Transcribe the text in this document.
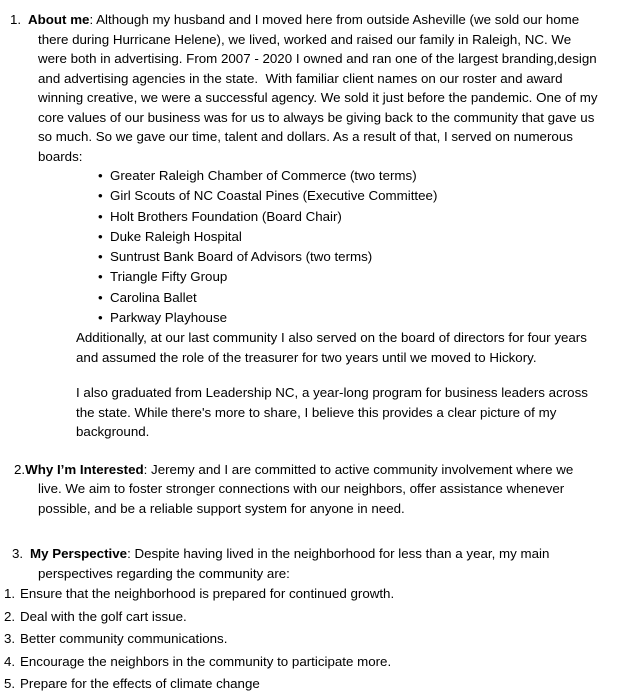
1. About me: Although my husband and I moved here from outside Asheville (we sold our home there during Hurricane Helene), we lived, worked and raised our family in Raleigh, NC. We were both in advertising. From 2007 - 2020 I owned and ran one of the largest branding,design and advertising agencies in the state.  With familiar client names on our roster and award winning creative, we were a successful agency. We sold it just before the pandemic. One of my core values of our business was for us to always be giving back to the community that gave us so much. So we gave our time, talent and dollars. As a result of that, I served on numerous boards:

• Greater Raleigh Chamber of Commerce (two terms)

• Girl Scouts of NC Coastal Pines (Executive Committee)

• Holt Brothers Foundation (Board Chair)

• Duke Raleigh Hospital

• Suntrust Bank Board of Advisors (two terms)

• Triangle Fifty Group

• Carolina Ballet

• Parkway Playhouse

Additionally, at our last community I also served on the board of directors for four years and assumed the role of the treasurer for two years until we moved to Hickory.

I also graduated from Leadership NC, a year-long program for business leaders across the state. While there's more to share, I believe this provides a clear picture of my background.

2.Why I’m Interested: Jeremy and I are committed to active community involvement where we live. We aim to foster stronger connections with our neighbors, offer assistance whenever possible, and be a reliable support system for anyone in need.

3. My Perspective: Despite having lived in the neighborhood for less than a year, my main perspectives regarding the community are:

1. Ensure that the neighborhood is prepared for continued growth.

2. Deal with the golf cart issue.

3. Better community communications.

4. Encourage the neighbors in the community to participate more.

5. Prepare for the effects of climate change
